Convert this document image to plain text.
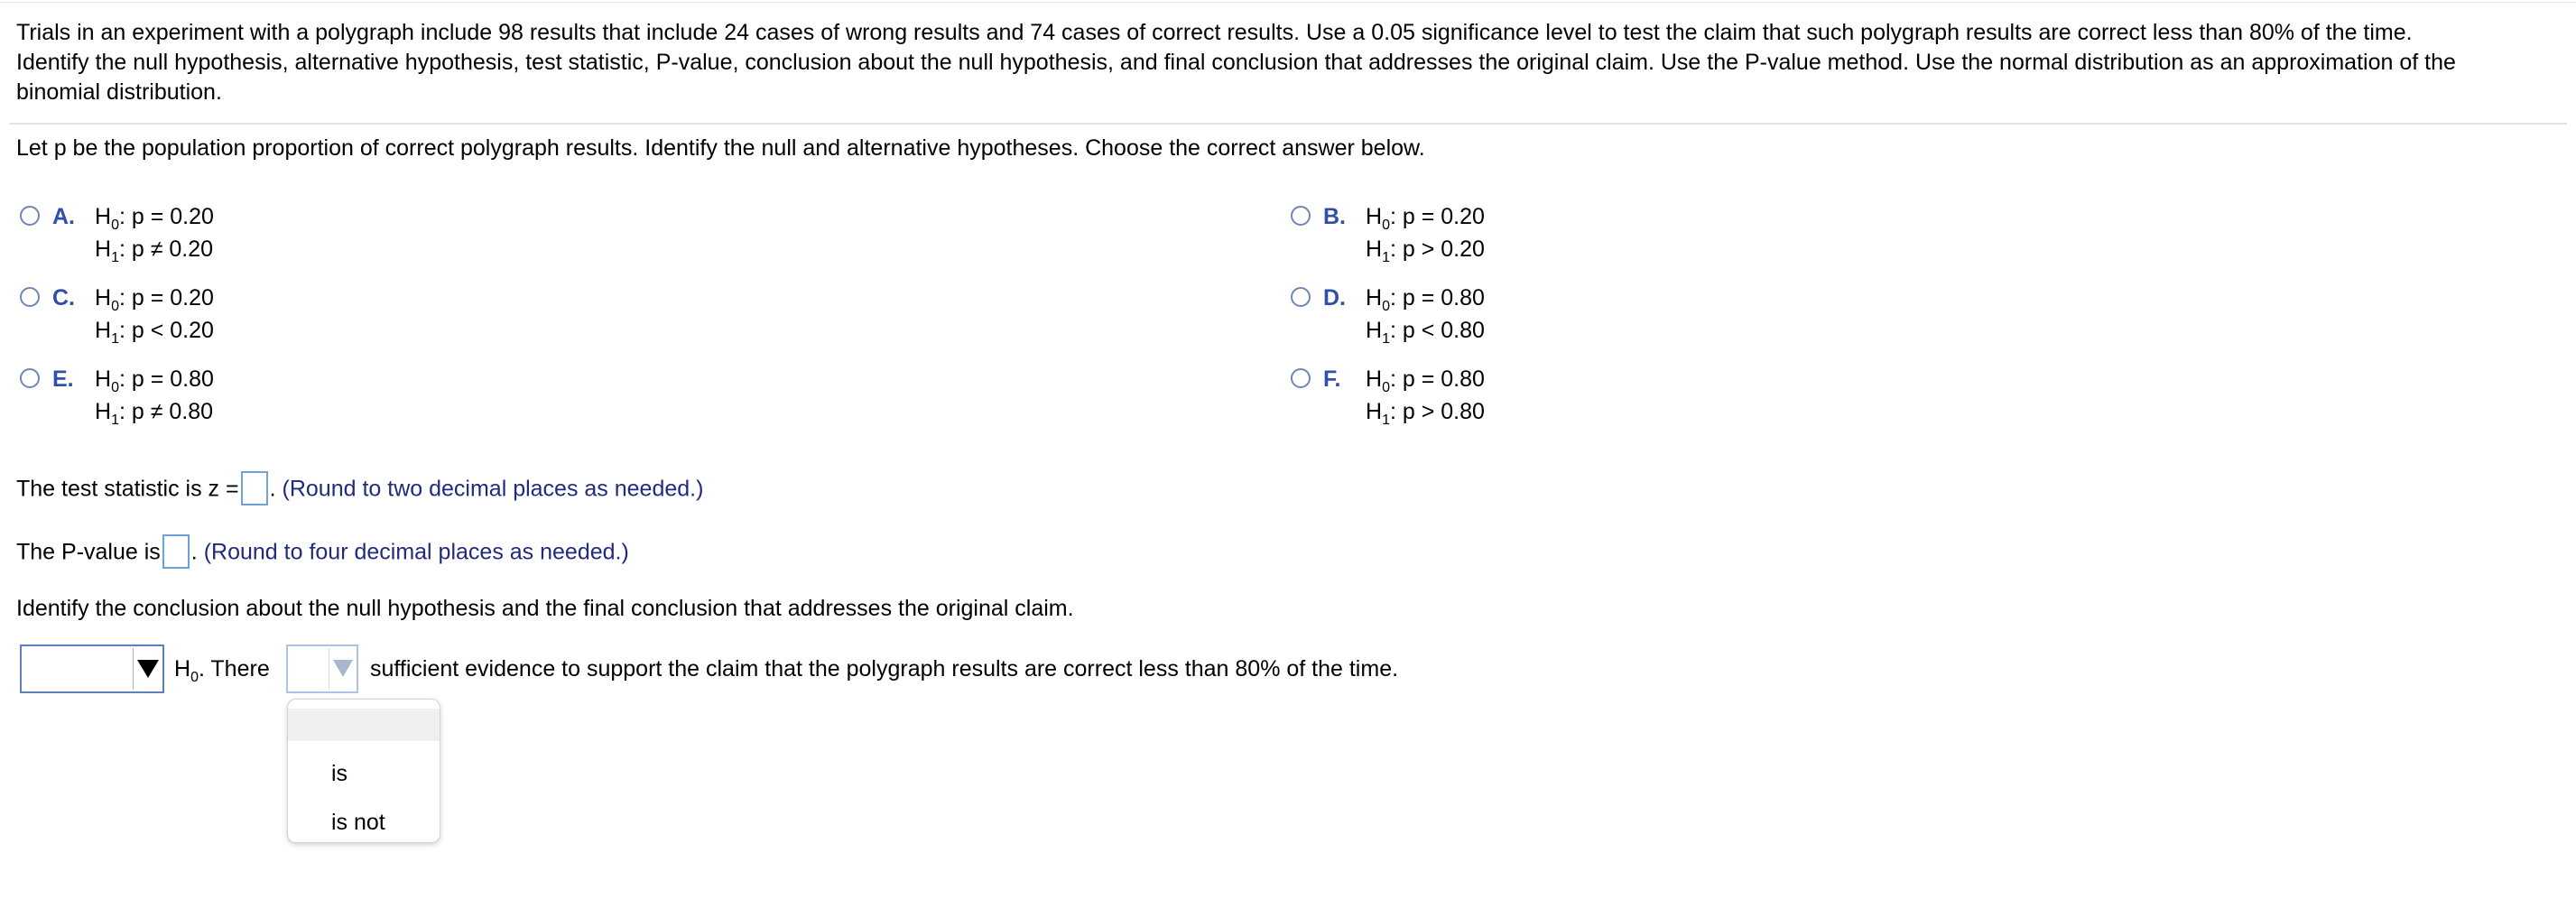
Trials in an experiment with a polygraph include 98 results that include 24 cases of wrong results and 74 cases of correct results. Use a 0.05 significance level to test the claim that such polygraph results are correct less than 80% of the time.
Identify the null hypothesis, alternative hypothesis, test statistic, P-value, conclusion about the null hypothesis, and final conclusion that addresses the original claim. Use the P-value method. Use the normal distribution as an approximation of the
binomial distribution.
Let p be the population proportion of correct polygraph results. Identify the null and alternative hypotheses. Choose the correct answer below.
A. $H_0$: p = 0.20
$H_1$: p ≠ 0.20
B. $H_0$: p = 0.20
$H_1$: p > 0.20
C. $H_0$: p = 0.20
$H_1$: p < 0.20
D. $H_0$: p = 0.80
$H_1$: p < 0.80
E. $H_0$: p = 0.80
$H_1$: p ≠ 0.80
F. $H_0$: p = 0.80
$H_1$: p > 0.80
The test statistic is z = . (Round to two decimal places as needed.)
The P-value is . (Round to four decimal places as needed.)
Identify the conclusion about the null hypothesis and the final conclusion that addresses the original claim.
$H_0$. There	sufficient evidence to support the claim that the polygraph results are correct less than 80% of the time.
is
is not
